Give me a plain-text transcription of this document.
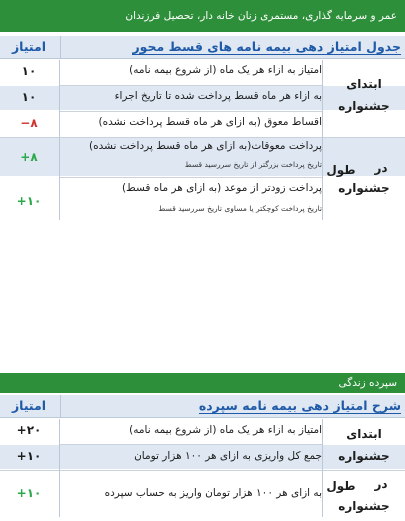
عمر و سرمایه گذاری، مستمری زنان خانه دار، تحصیل فرزندان
امتیاز	جدول امتیاز دهی بیمه نامه های قسط محور
امتیاز به ازاء هر یک ماه (از شروع بیمه نامه)
۱۰
به ازاء هر ماه قسط پرداخت شده تا تاریخ اجراء
۱۰
اقساط معوق (به ازای هر ماه قسط پرداخت نشده)
−۸
پرداخت معوقات(به ازای هر ماه قسط پرداخت نشده)
تاریخ پرداخت بزرگتر از تاریخ سررسید قسط
+۸
پرداخت زودتر از موعد (به ازای هر ماه قسط)
تاریخ پرداخت کوچکتر یا مساوی تاریخ سررسید قسط
+۱۰
ابتدای
جشنواره
در
طول
جشنواره
سپرده زندگی
امتیاز	شرح امتیاز دهی بیمه نامه سپرده
امتیاز به ازاء هر یک ماه (از شروع بیمه نامه)
+۲۰
جمع کل واریزی به ازای هر ۱۰۰ هزار تومان
+۱۰
به ازای هر ۱۰۰ هزار تومان واریز به حساب سپرده
+۱۰
ابتدای
جشنواره
در
طول
جشنواره
